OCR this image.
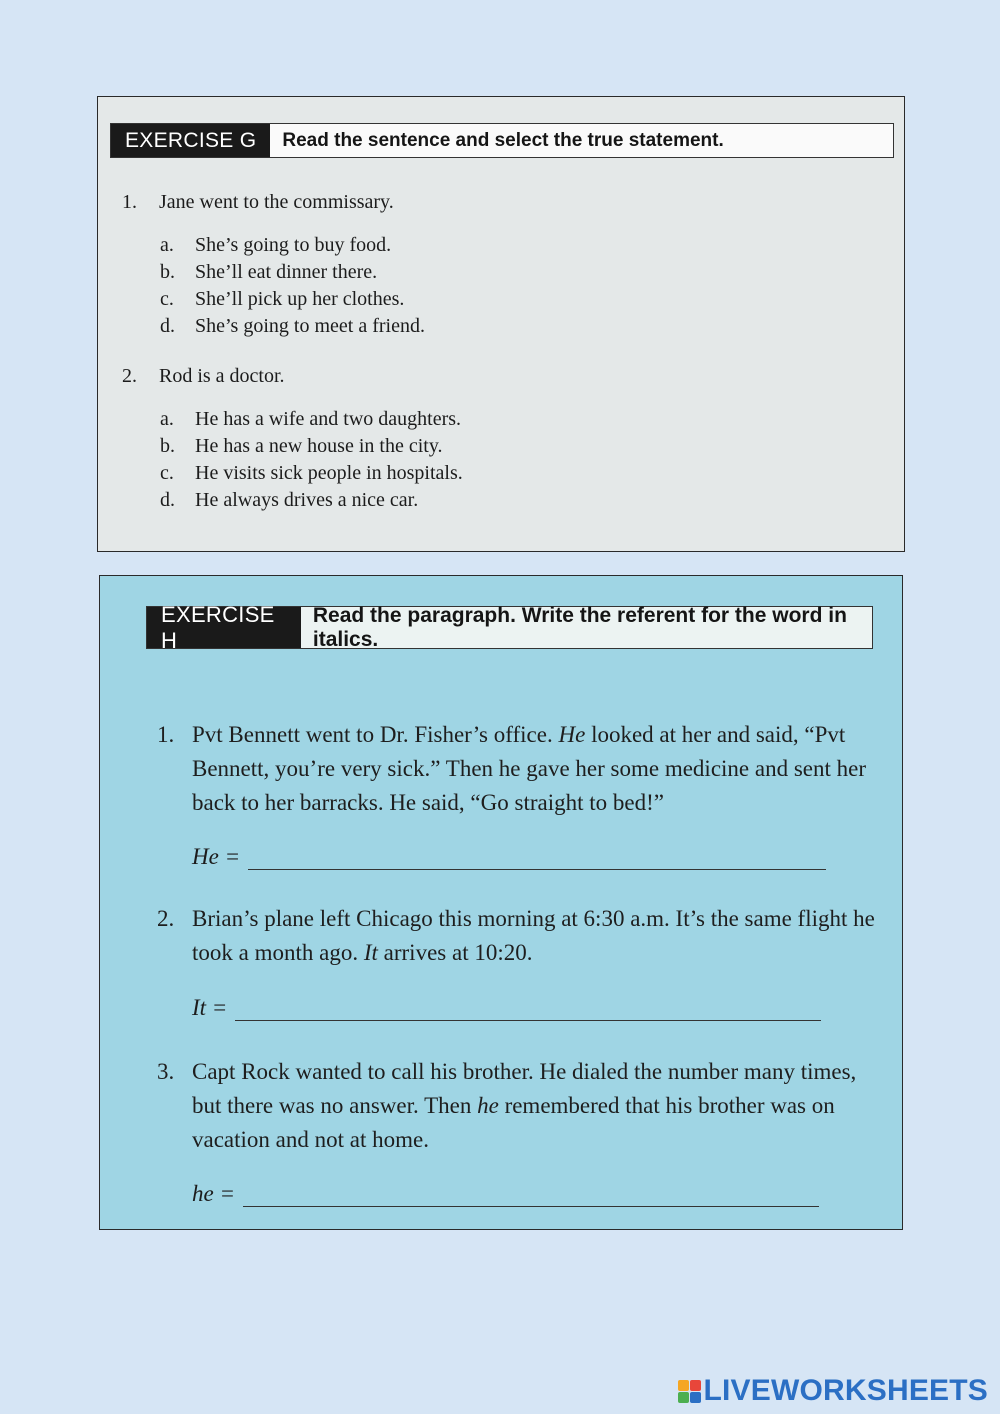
EXERCISE G	Read the sentence and select the true statement.
1. Jane went to the commissary.
a. She’s going to buy food.
b. She’ll eat dinner there.
c. She’ll pick up her clothes.
d. She’s going to meet a friend.
2. Rod is a doctor.
a. He has a wife and two daughters.
b. He has a new house in the city.
c. He visits sick people in hospitals.
d. He always drives a nice car.
EXERCISE H
Read the paragraph. Write the referent for the word in italics.
1. Pvt Bennett went to Dr. Fisher’s office. He looked at her and said, “Pvt Bennett, you’re very sick.” Then he gave her some medicine and sent her back to her barracks. He said, “Go straight to bed!”
He =
2. Brian’s plane left Chicago this morning at 6:30 a.m. It’s the same flight he took a month ago. It arrives at 10:20.
It =
3. Capt Rock wanted to call his brother. He dialed the number many times, but there was no answer. Then he remembered that his brother was on vacation and not at home.
he =
LIVEWORKSHEETS
